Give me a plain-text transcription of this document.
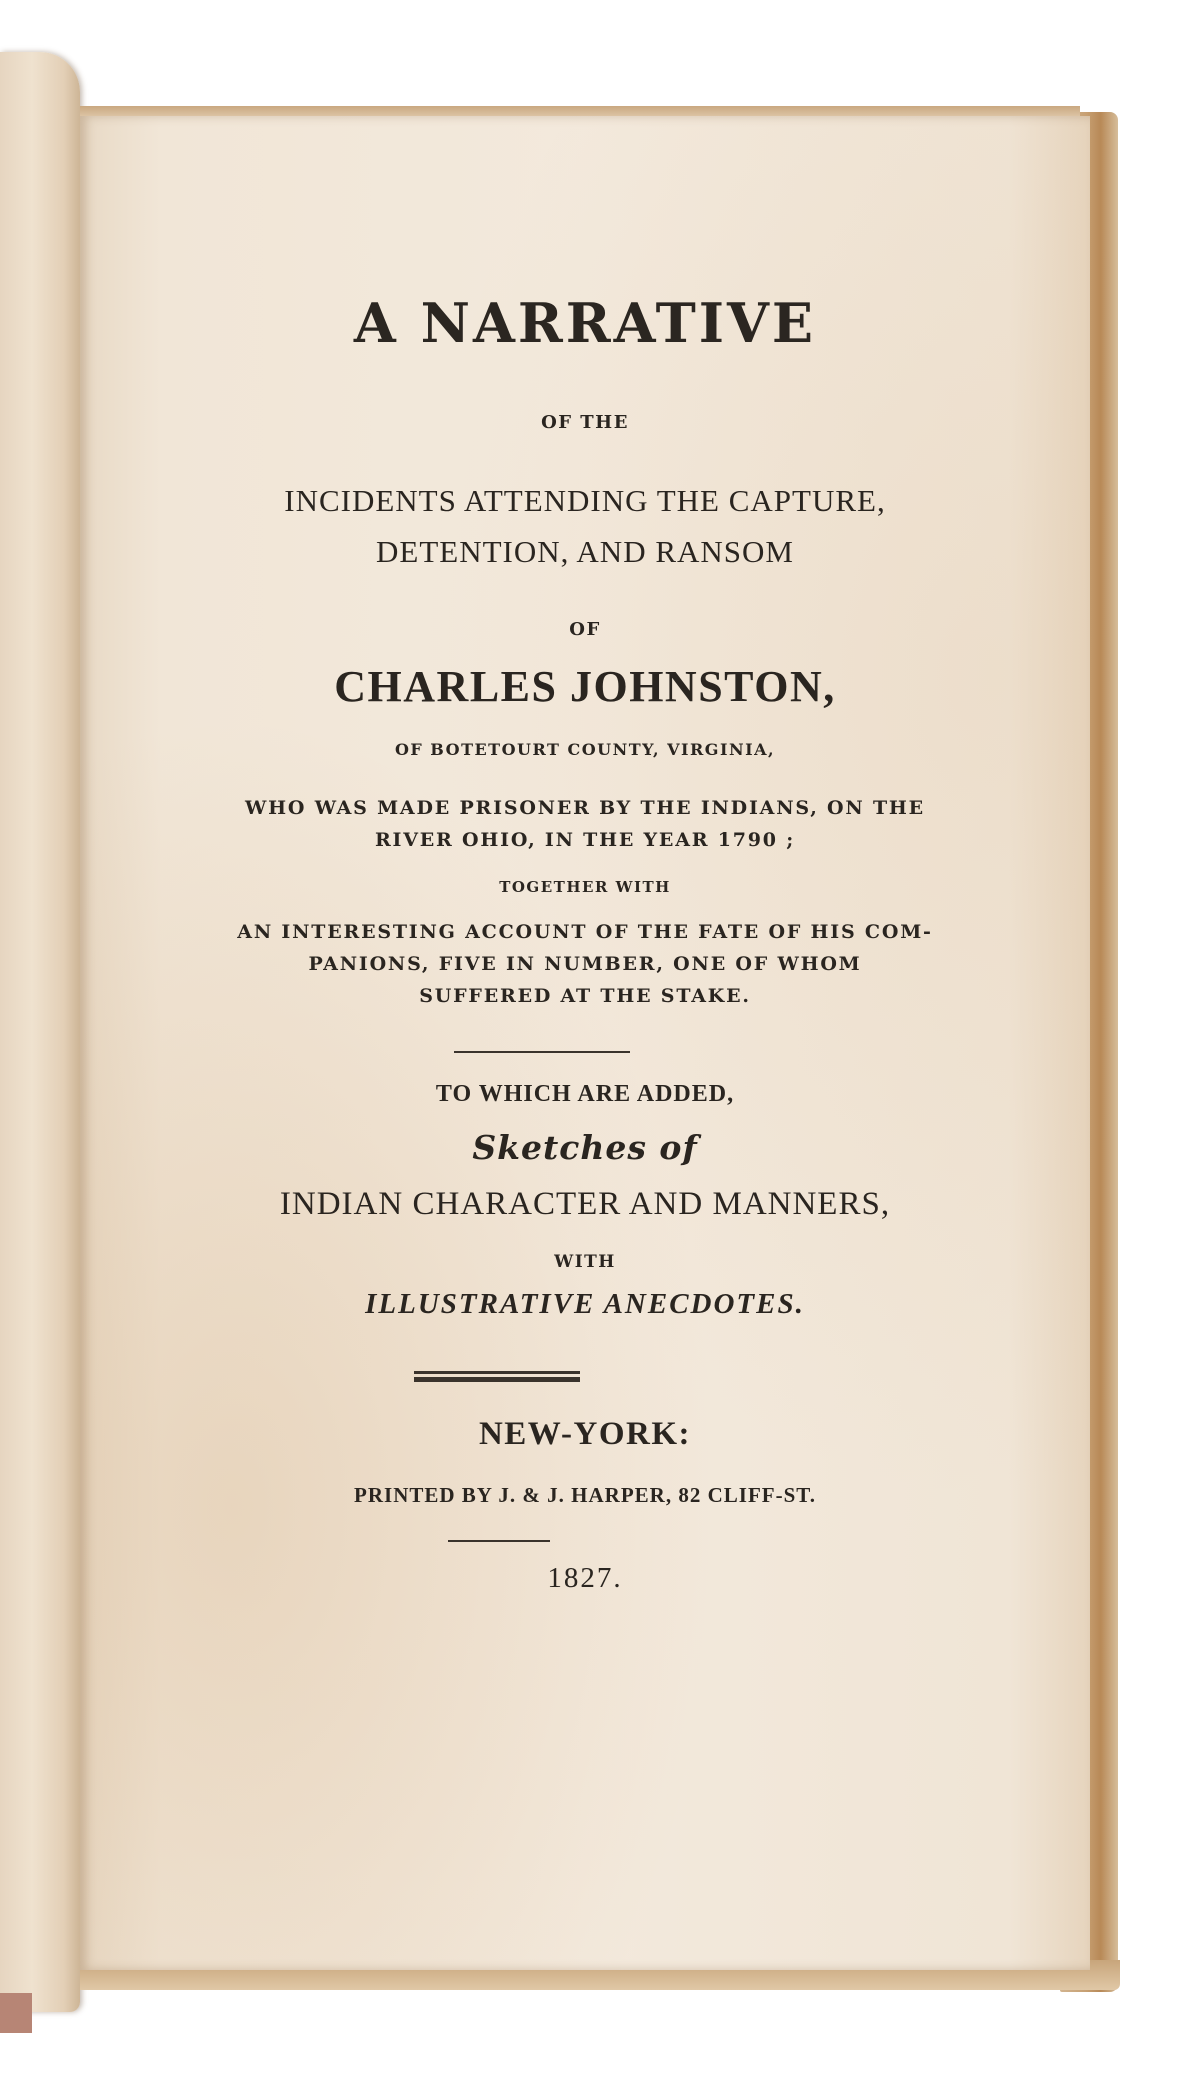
A NARRATIVE
OF THE
INCIDENTS ATTENDING THE CAPTURE,
DETENTION, AND RANSOM
OF
CHARLES JOHNSTON,
OF BOTETOURT COUNTY, VIRGINIA,
WHO WAS MADE PRISONER BY THE INDIANS, ON THE
RIVER OHIO, IN THE YEAR 1790 ;
TOGETHER WITH
AN INTERESTING ACCOUNT OF THE FATE OF HIS COM-
PANIONS, FIVE IN NUMBER, ONE OF WHOM
SUFFERED AT THE STAKE.
TO WHICH ARE ADDED,
Sketches of
INDIAN CHARACTER AND MANNERS,
WITH
ILLUSTRATIVE ANECDOTES.
NEW-YORK:
PRINTED BY J. & J. HARPER, 82 CLIFF-ST.
1827.
